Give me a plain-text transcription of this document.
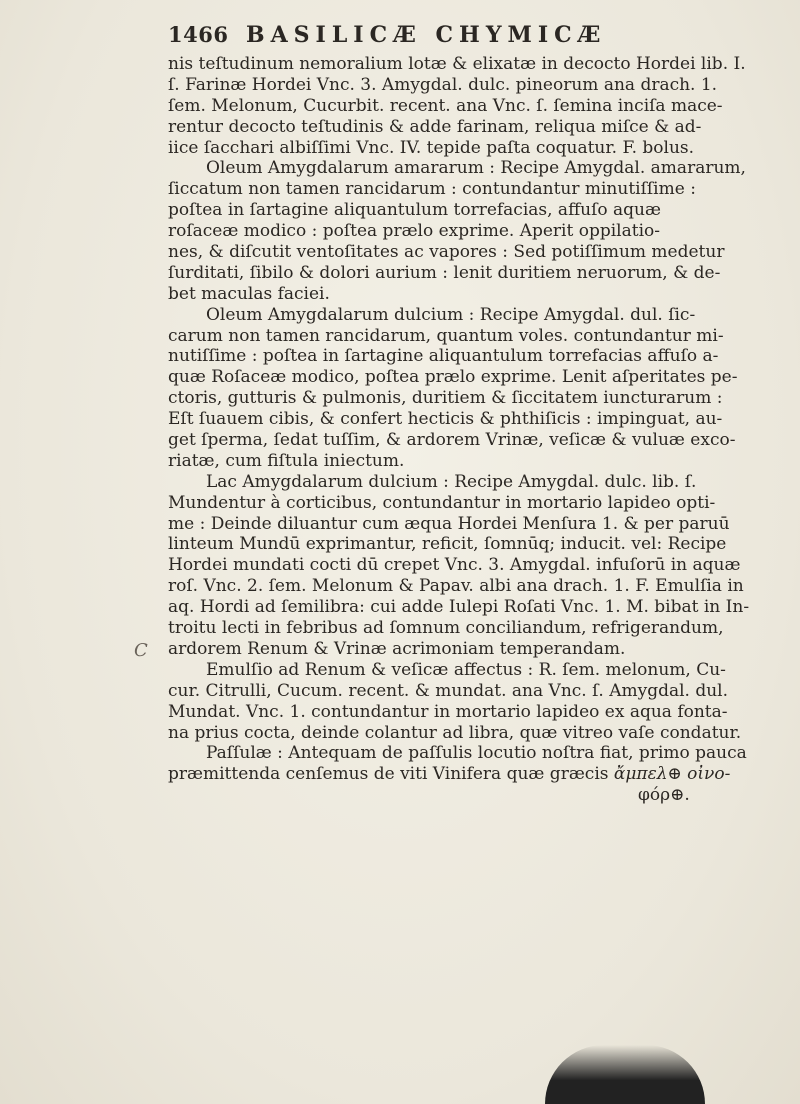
1466 BASILICÆ CHYMICÆ
C
nis teſtudinum nemoralium lotæ & elixatæ in decocto Hordei lib. I.
ſ. Farinæ Hordei Vnc. 3. Amygdal. dulc. pineorum ana drach. 1.
ſem. Melonum, Cucurbit. recent. ana Vnc. ſ. ſemina inciſa mace-
rentur decocto teſtudinis & adde farinam, reliqua miſce & ad-
iice ſacchari albiſſimi Vnc. IV. tepide paſta coquatur. F. bolus.
Oleum Amygdalarum amararum : Recipe Amygdal. amararum,
ſiccatum non tamen rancidarum : contundantur minutiſſime :
poſtea in ſartagine aliquantulum torrefacias, affuſo aquæ
roſaceæ modico : poſtea prælo exprime. Aperit oppilatio-
nes, & diſcutit ventoſitates ac vapores : Sed potiſſimum medetur
ſurditati, ſibilo & dolori aurium : lenit duritiem neruorum, & de-
bet maculas faciei.
Oleum Amygdalarum dulcium : Recipe Amygdal. dul. ſic-
carum non tamen rancidarum, quantum voles. contundantur mi-
nutiſſime : poſtea in ſartagine aliquantulum torrefacias affuſo a-
quæ Roſaceæ modico, poſtea prælo exprime. Lenit aſperitates pe-
ctoris, gutturis & pulmonis, duritiem & ſiccitatem iuncturarum :
Eſt ſuauem cibis, & confert hecticis & phthiſicis : impinguat, au-
get ſperma, ſedat tuſſim, & ardorem Vrinæ, veſicæ & vuluæ exco-
riatæ, cum fiſtula iniectum.
Lac Amygdalarum dulcium : Recipe Amygdal. dulc. lib. ſ.
Mundentur à corticibus, contundantur in mortario lapideo opti-
me : Deinde diluantur cum æqua Hordei Menſura 1. & per paruū
linteum Mundū exprimantur, reficit, ſomnūq; inducit. vel: Recipe
Hordei mundati cocti dū crepet Vnc. 3. Amygdal. infuſorū in aquæ
roſ. Vnc. 2. ſem. Melonum & Papav. albi ana drach. 1. F. Emulſia in
aq. Hordi ad ſemilibra: cui adde Iulepi Roſati Vnc. 1. M. bibat in In-
troitu lecti in febribus ad ſomnum conciliandum, refrigerandum,
ardorem Renum & Vrinæ acrimoniam temperandam.
Emulſio ad Renum & veſicæ affectus : R. ſem. melonum, Cu-
cur. Citrulli, Cucum. recent. & mundat. ana Vnc. ſ. Amygdal. dul.
Mundat. Vnc. 1. contundantur in mortario lapideo ex aqua fonta-
na prius cocta, deinde colantur ad libra, quæ vitreo vaſe condatur.
Paſſulæ : Antequam de paſſulis locutio noſtra fiat, primo pauca
præmittenda cenſemus de viti Vinifera quæ græcis ἄμπελ⊕ οἰνο-
φόρ⊕.
